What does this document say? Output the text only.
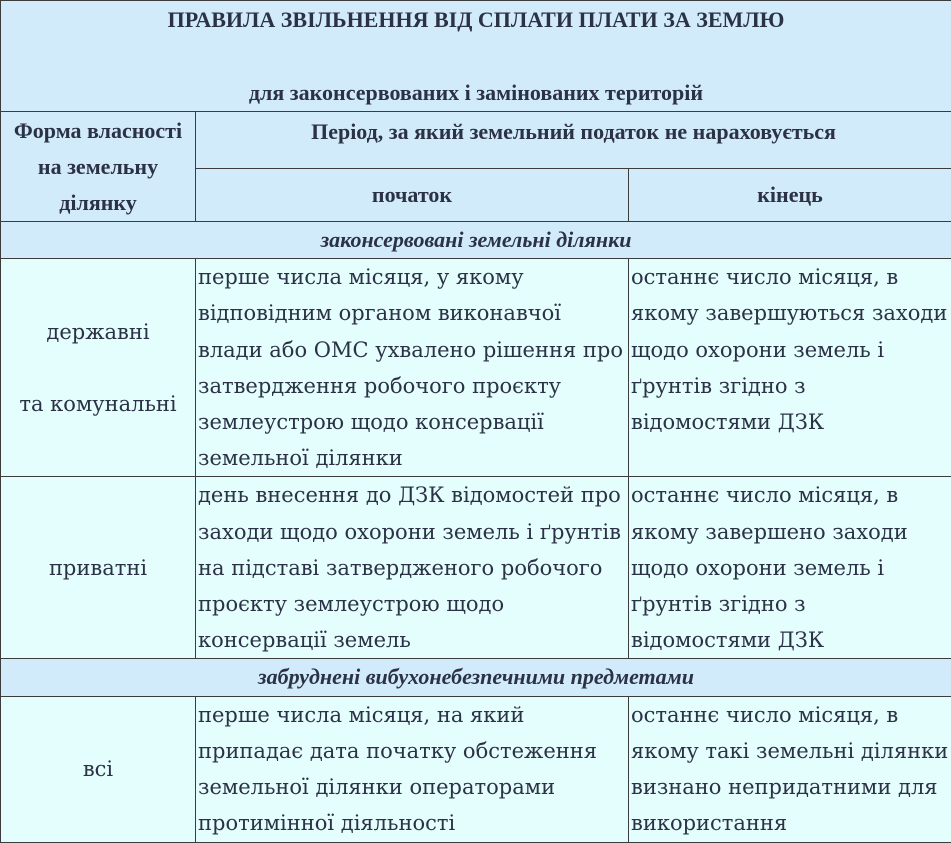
ПРАВИЛА ЗВІЛЬНЕННЯ ВІД СПЛАТИ ПЛАТИ ЗА ЗЕМЛЮ
для законсервованих і замінованих територій		

Форма власності на земельну ділянку	Період, за який земельний податок не нараховується	
	початок	кінець
законсервовані земельні ділянки		

державні
та комунальні	перше числа місяця, у якому відповідним органом виконавчої влади або ОМС ухвалено рішення про затвердження робочого проєкту землеустрою щодо консервації земельної ділянки	останнє число місяця, в якому завершуються заходи щодо охорони земель і ґрунтів згідно з відомостями ДЗК

приватні	день внесення до ДЗК відомостей про заходи щодо охорони земель і ґрунтів на підставі затвердженого робочого проєкту землеустрою щодо консервації земель	останнє число місяця, в якому завершено заходи щодо охорони земель і ґрунтів згідно з відомостями ДЗК
забруднені вибухонебезпечними предметами		

всі	перше числа місяця, на який припадає дата початку обстеження земельної ділянки операторами протимінної діяльності	останнє число місяця, в якому такі земельні ділянки визнано непридатними для використання
